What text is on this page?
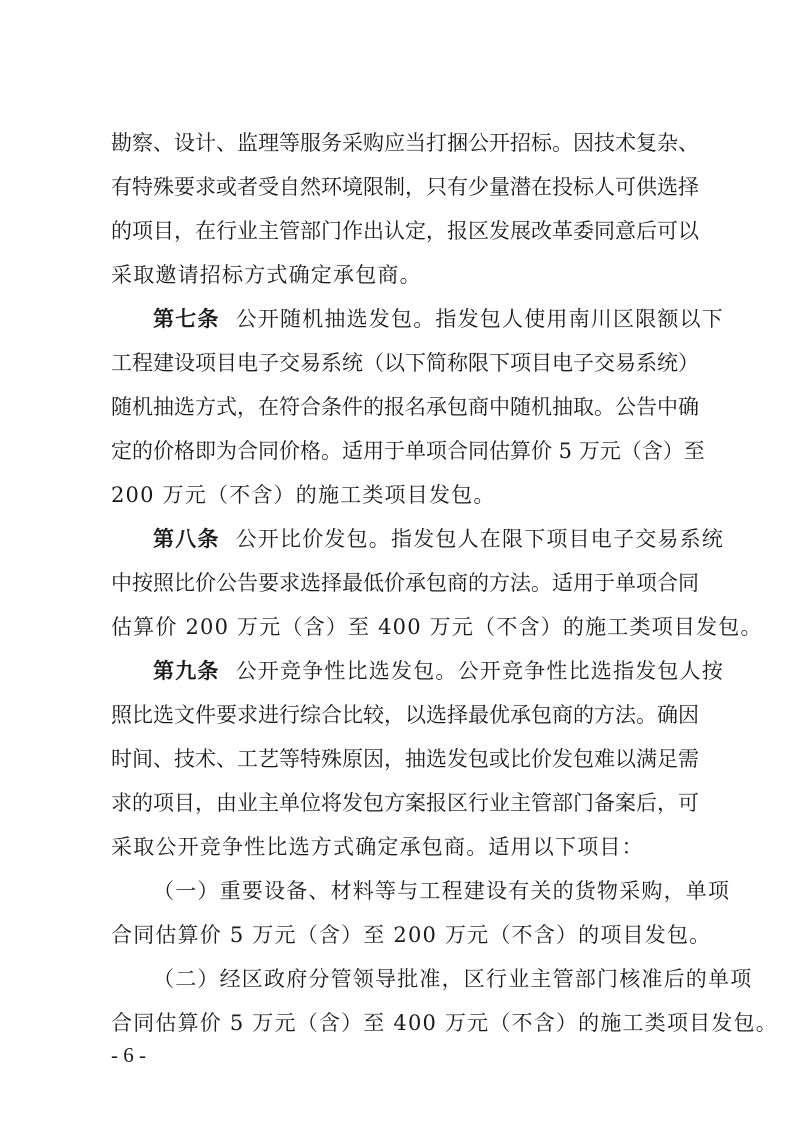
勘察、设计、监理等服务采购应当打捆公开招标。因技术复杂、
有特殊要求或者受自然环境限制，只有少量潜在投标人可供选择
的项目，在行业主管部门作出认定，报区发展改革委同意后可以
采取邀请招标方式确定承包商。
第七条 公开随机抽选发包。指发包人使用南川区限额以下
工程建设项目电子交易系统（以下简称限下项目电子交易系统）
随机抽选方式，在符合条件的报名承包商中随机抽取。公告中确
定的价格即为合同价格。适用于单项合同估算价 5 万元（含）至
200 万元（不含）的施工类项目发包。
第八条 公开比价发包。指发包人在限下项目电子交易系统
中按照比价公告要求选择最低价承包商的方法。适用于单项合同
估算价 200 万元（含）至 400 万元（不含）的施工类项目发包。
第九条 公开竞争性比选发包。公开竞争性比选指发包人按
照比选文件要求进行综合比较，以选择最优承包商的方法。确因
时间、技术、工艺等特殊原因，抽选发包或比价发包难以满足需
求的项目，由业主单位将发包方案报区行业主管部门备案后，可
采取公开竞争性比选方式确定承包商。适用以下项目：
（一）重要设备、材料等与工程建设有关的货物采购，单项
合同估算价 5 万元（含）至 200 万元（不含）的项目发包。
（二）经区政府分管领导批准，区行业主管部门核准后的单项
合同估算价 5 万元（含）至 400 万元（不含）的施工类项目发包。
- 6 -
